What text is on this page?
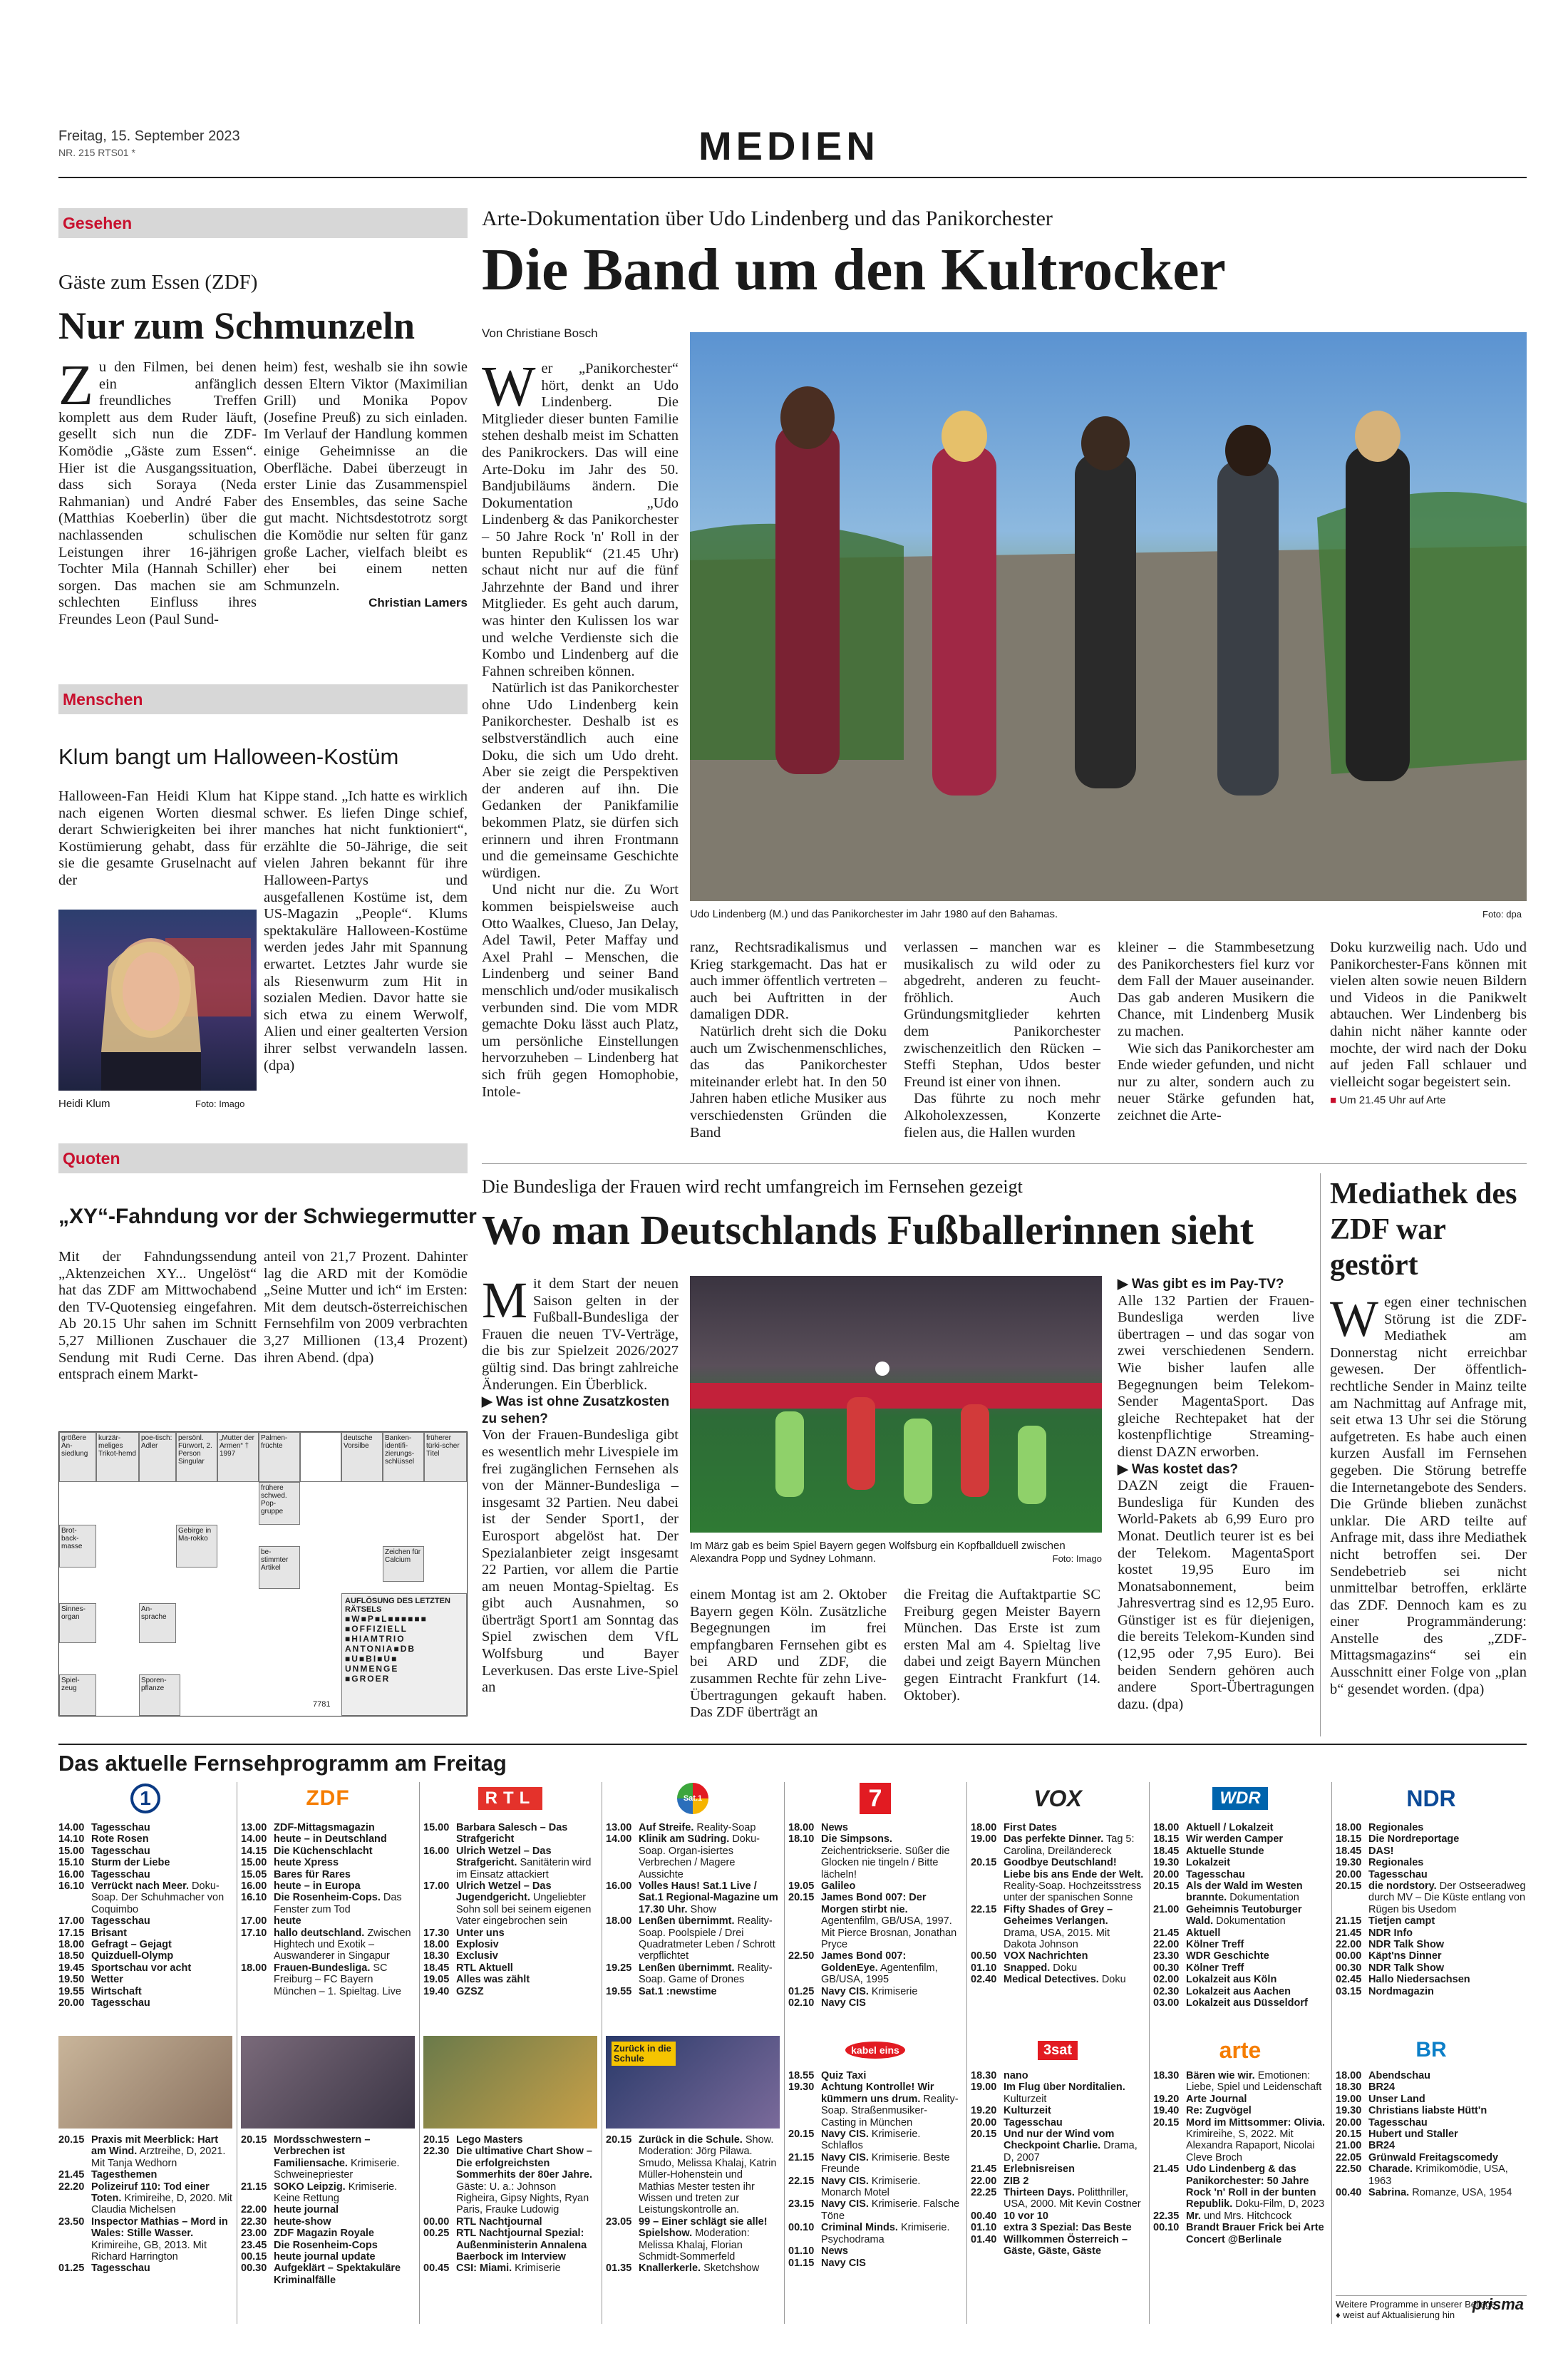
Freitag, 15. September 2023
NR. 215 RTS01 *	MEDIEN
Gesehen
Gäste zum Essen (ZDF)
Nur zum Schmunzeln
Zu den Filmen, bei denen ein anfänglich freundliches Treffen komplett aus dem Ruder läuft, gesellt sich nun die ZDF-Komödie „Gäste zum Essen“. Hier ist die Ausgangssituation, dass sich Soraya (Neda Rahmanian) und André Faber (Matthias Koeberlin) über die nachlassenden schulischen Leistungen ihrer 16-jährigen Tochter Mila (Hannah Schiller) sorgen. Das machen sie am schlechten Einfluss ihres Freundes Leon (Paul Sund-
heim) fest, weshalb sie ihn sowie dessen Eltern Viktor (Maximilian Grill) und Monika Popov (Josefine Preuß) zu sich einladen. Im Verlauf der Handlung kommen einige Geheimnisse an die Oberfläche. Dabei überzeugt in erster Linie das Zusammenspiel des Ensembles, das seine Sache gut macht. Nichtsdestotrotz sorgt die Komödie nur selten für ganz große Lacher, vielfach bleibt es eher bei einem netten Schmunzeln.
Christian Lamers
Menschen
Klum bangt um Halloween-Kostüm
Halloween-Fan Heidi Klum hat nach eigenen Worten diesmal derart Schwierigkeiten bei ihrer Kostümierung gehabt, dass für sie die gesamte Gruselnacht auf der
Heidi Klum	Foto: Imago
Kippe stand. „Ich hatte es wirklich schwer. Es liefen Dinge schief, manches hat nicht funktioniert“, erzählte die 50-Jährige, die seit vielen Jahren bekannt für ihre Halloween-Partys und ausgefallenen Kostüme ist, dem US-Magazin „People“. Klums spektakuläre Halloween-Kostüme werden jedes Jahr mit Spannung erwartet. Letztes Jahr wurde sie als Riesenwurm zum Hit in sozialen Medien. Davor hatte sie sich etwa zu einem Werwolf, Alien und einer gealterten Version ihrer selbst verwandeln lassen. (dpa)
Quoten
„XY“-Fahndung vor der Schwiegermutter
Mit der Fahndungssendung „Aktenzeichen XY... Ungelöst“ hat das ZDF am Mittwochabend den TV-Quotensieg eingefahren. Ab 20.15 Uhr sahen im Schnitt 5,27 Millionen Zuschauer die Sendung mit Rudi Cerne. Das entsprach einem Markt-
anteil von 21,7 Prozent. Dahinter lag die ARD mit der Komödie „Seine Mutter und ich“ im Ersten: Mit dem deutsch-österreichischen Fernsehfilm von 2009 verbrachten 3,27 Millionen (13,4 Prozent) ihren Abend. (dpa)
größere An-siedlung
kurzär-meliges Trikot-hemd
poe-tisch: Adler
persönl. Fürwort, 2. Person Singular
„Mutter der Armen“ † 1997
Palmen-früchte
deutsche Vorsilbe
Banken-identifi-zierungs-schlüssel
früherer türki-scher Titel
frühere schwed. Pop-gruppe
Brot-back-masse
Gebirge in Ma-rokko
be-stimmter Artikel
Zeichen für Calcium
Sinnes-organ
An-sprache
Spiel-zeug
Sporen-pflanze
AUFLÖSUNG DES LETZTEN RÄTSELS
■W■P■L■■■■■■
■OFFIZIELL
■HIAMTRIO
ANTONIA■DB
■U■BI■U■
UNMENGE
■GROER
7781
Arte-Dokumentation über Udo Lindenberg und das Panikorchester
Die Band um den Kultrocker
Von Christiane Bosch

Wer „Panikorchester“ hört, denkt an Udo Lindenberg. Die Mitglieder dieser bunten Familie stehen deshalb meist im Schatten des Panikrockers. Das will eine Arte-Doku im Jahr des 50. Bandjubiläums ändern. Die Dokumentation „Udo Lindenberg & das Panikorchester – 50 Jahre Rock 'n' Roll in der bunten Republik“ (21.45 Uhr) schaut nicht nur auf die fünf Jahrzehnte der Band und ihrer Mitglieder. Es geht auch darum, was hinter den Kulissen los war und welche Verdienste sich die Kombo und Lindenberg auf die Fahnen schreiben können.

Natürlich ist das Panikorchester ohne Udo Lindenberg kein Panikorchester. Deshalb ist es selbstverständlich auch eine Doku, die sich um Udo dreht. Aber sie zeigt die Perspektiven der anderen auf ihn. Die Gedanken der Panikfamilie bekommen Platz, sie dürfen sich erinnern und ihren Frontmann und die gemeinsame Geschichte würdigen.

Und nicht nur die. Zu Wort kommen beispielsweise auch Otto Waalkes, Clueso, Jan Delay, Adel Tawil, Peter Maffay und Axel Prahl – Menschen, die Lindenberg und seiner Band menschlich und/oder musikalisch verbunden sind. Die vom MDR gemachte Doku lässt auch Platz, um persönliche Einstellungen hervorzuheben – Lindenberg hat sich früh gegen Homophobie, Intole-

Udo Lindenberg (M.) und das Panikorchester im Jahr 1980 auf den Bahamas.	Foto: dpa

ranz, Rechtsradikalismus und Krieg starkgemacht. Das hat er auch immer öffentlich vertreten – auch bei Auftritten in der damaligen DDR.

Natürlich dreht sich die Doku auch um Zwischenmenschliches, das das Panikorchester miteinander erlebt hat. In den 50 Jahren haben etliche Musiker aus verschiedensten Gründen die Band

verlassen – manchen war es musikalisch zu wild oder zu abgedreht, anderen zu feucht-fröhlich. Auch Gründungsmitglieder kehrten dem Panikorchester zwischenzeitlich den Rücken – Steffi Stephan, Udos bester Freund ist einer von ihnen.

Das führte zu noch mehr Alkoholexzessen, Konzerte fielen aus, die Hallen wurden

kleiner – die Stammbesetzung des Panikorchesters fiel kurz vor dem Fall der Mauer auseinander. Das gab anderen Musikern die Chance, mit Lindenberg Musik zu machen.

Wie sich das Panikorchester am Ende wieder gefunden, und nicht nur zu alter, sondern auch zu neuer Stärke gefunden hat, zeichnet die Arte-

Doku kurzweilig nach. Udo und Panikorchester-Fans können mit vielen alten sowie neuen Bildern und Videos in die Panikwelt abtauchen. Wer Lindenberg bis dahin nicht näher kannte oder mochte, der wird nach der Doku auf jeden Fall schlauer und vielleicht sogar begeistert sein.
■ Um 21.45 Uhr auf Arte
Die Bundesliga der Frauen wird recht umfangreich im Fernsehen gezeigt
Wo man Deutschlands Fußballerinnen sieht
Mit dem Start der neuen Saison gelten in der Fußball-Bundesliga der Frauen die neuen TV-Verträge, die bis zur Spielzeit 2026/2027 gültig sind. Das bringt zahlreiche Änderungen. Ein Überblick.
▶ Was ist ohne Zusatzkosten zu sehen?
Von der Frauen-Bundesliga gibt es wesentlich mehr Livespiele im frei zugänglichen Fernsehen als von der Männer-Bundesliga – insgesamt 32 Partien. Neu dabei ist der Sender Sport1, der Eurosport abgelöst hat. Der Spezialanbieter zeigt insgesamt 22 Partien, vor allem die Partie am neuen Montag-Spieltag. Es gibt auch Ausnahmen, so überträgt Sport1 am Sonntag das Spiel zwischen dem VfL Wolfsburg und Bayer Leverkusen. Das erste Live-Spiel an
Im März gab es beim Spiel Bayern gegen Wolfsburg ein Kopfballduell zwischen Alexandra Popp und Sydney Lohmann.	Foto: Imago
einem Montag ist am 2. Oktober Bayern gegen Köln. Zusätzliche Begegnungen im frei empfangbaren Fernsehen gibt es bei ARD und ZDF, die zusammen Rechte für zehn Live-Übertragungen gekauft haben. Das ZDF überträgt an
die Freitag die Auftaktpartie SC Freiburg gegen Meister Bayern München. Das Erste ist zum ersten Mal am 4. Spieltag live dabei und zeigt Bayern München gegen Eintracht Frankfurt (14. Oktober).
▶ Was gibt es im Pay-TV?
Alle 132 Partien der Frauen-Bundesliga werden live übertragen – und das sogar von zwei verschiedenen Sendern. Wie bisher laufen alle Begegnungen beim Telekom-Sender MagentaSport. Das gleiche Rechtepaket hat der kostenpflichtige Streaming-dienst DAZN erworben.
▶ Was kostet das?
DAZN zeigt die Frauen-Bundesliga für Kunden des World-Pakets ab 6,99 Euro pro Monat. Deutlich teurer ist es bei der Telekom. MagentaSport kostet 19,95 Euro im Monatsabonnement, beim Jahresvertrag sind es 12,95 Euro. Günstiger ist es für diejenigen, die bereits Telekom-Kunden sind (12,95 oder 7,95 Euro). Bei beiden Sendern gehören auch andere Sport-Übertragungen dazu. (dpa)
Mediathek des ZDF war gestört
Wegen einer technischen Störung ist die ZDF-Mediathek am Donnerstag nicht erreichbar gewesen. Der öffentlich-rechtliche Sender in Mainz teilte am Nachmittag auf Anfrage mit, seit etwa 13 Uhr sei die Störung aufgetreten. Es habe auch einen kurzen Ausfall im Fernsehen gegeben. Die Störung betreffe die Internetangebote des Senders. Die Gründe blieben zunächst unklar. Die ARD teilte auf Anfrage mit, dass ihre Mediathek nicht betroffen sei. Der Sendebetrieb sei nicht unmittelbar betroffen, erklärte das ZDF. Dennoch kam es zu einer Programmänderung: Anstelle des „ZDF-Mittagsmagazins“ sei ein Ausschnitt einer Folge von „plan b“ gesendet worden. (dpa)
Das aktuelle Fernsehprogramm am Freitag
1	ZDF	RTL	Sat.1	7	VOX	WDR	NDR
14.00 Tagesschau
14.10 Rote Rosen
15.00 Tagesschau
15.10 Sturm der Liebe
16.00 Tagesschau
16.10 Verrückt nach Meer. Doku-Soap. Der Schuhmacher von Coquimbo
17.00 Tagesschau
17.15 Brisant
18.00 Gefragt – Gejagt
18.50 Quizduell-Olymp
19.45 Sportschau vor acht
19.50 Wetter
19.55 Wirtschaft
20.00 Tagesschau
13.00 ZDF-Mittagsmagazin
14.00 heute – in Deutschland
14.15 Die Küchenschlacht
15.00 heute Xpress
15.05 Bares für Rares
16.00 heute – in Europa
16.10 Die Rosenheim-Cops. Das Fenster zum Tod
17.00 heute
17.10 hallo deutschland. Zwischen Hightech und Exotik – Auswanderer in Singapur
18.00 Frauen-Bundesliga. SC Freiburg – FC Bayern München – 1. Spieltag. Live
15.00 Barbara Salesch – Das Strafgericht
16.00 Ulrich Wetzel – Das Strafgericht. Sanitäterin wird im Einsatz attackiert
17.00 Ulrich Wetzel – Das Jugendgericht. Ungeliebter Sohn soll bei seinem eigenen Vater eingebrochen sein
17.30 Unter uns
18.00 Explosiv
18.30 Exclusiv
18.45 RTL Aktuell
19.05 Alles was zählt
19.40 GZSZ
13.00 Auf Streife. Reality-Soap
14.00 Klinik am Südring. Doku-Soap. Organ-isiertes Verbrechen / Magere Aussichte
16.00 Volles Haus! Sat.1 Live / Sat.1 Regional-Magazine um 17.30 Uhr. Show
18.00 Lenßen übernimmt. Reality-Soap. Poolspiele / Drei Quadratmeter Leben / Schrott verpflichtet
19.25 Lenßen übernimmt. Reality-Soap. Game of Drones
19.55 Sat.1 :newstime
18.00 News
18.10 Die Simpsons. Zeichentrickserie. Süßer die Glocken nie tingeln / Bitte lächeln!
19.05 Galileo
20.15 James Bond 007: Der Morgen stirbt nie. Agentenfilm, GB/USA, 1997. Mit Pierce Brosnan, Jonathan Pryce
22.50 James Bond 007: GoldenEye. Agentenfilm, GB/USA, 1995
01.25 Navy CIS. Krimiserie
02.10 Navy CIS
18.00 First Dates
19.00 Das perfekte Dinner. Tag 5: Carolina, Dreiländereck
20.15 Goodbye Deutschland! Liebe bis ans Ende der Welt. Reality-Soap. Hochzeitsstress unter der spanischen Sonne
22.15 Fifty Shades of Grey – Geheimes Verlangen. Drama, USA, 2015. Mit Dakota Johnson
00.50 VOX Nachrichten
01.10 Snapped. Doku
02.40 Medical Detectives. Doku
18.00 Aktuell / Lokalzeit
18.15 Wir werden Camper
18.45 Aktuelle Stunde
19.30 Lokalzeit
20.00 Tagesschau
20.15 Als der Wald im Westen brannte. Dokumentation
21.00 Geheimnis Teutoburger Wald. Dokumentation
21.45 Aktuell
22.00 Kölner Treff
23.30 WDR Geschichte
00.30 Kölner Treff
02.00 Lokalzeit aus Köln
02.30 Lokalzeit aus Aachen
03.00 Lokalzeit aus Düsseldorf
18.00 Regionales
18.15 Die Nordreportage
18.45 DAS!
19.30 Regionales
20.00 Tagesschau
20.15 die nordstory. Der Ostseeradweg durch MV – Die Küste entlang von Rügen bis Usedom
21.15 Tietjen campt
21.45 NDR Info
22.00 NDR Talk Show
00.00 Käpt'ns Dinner
00.30 NDR Talk Show
02.45 Hallo Niedersachsen
03.15 Nordmagazin
Zurück in die Schule
kabel eins	3sat	arte	BR
20.15 Praxis mit Meerblick: Hart am Wind. Arztreihe, D, 2021. Mit Tanja Wedhorn
21.45 Tagesthemen
22.20 Polizeiruf 110: Tod einer Toten. Krimireihe, D, 2020. Mit Claudia Michelsen
23.50 Inspector Mathias – Mord in Wales: Stille Wasser. Krimireihe, GB, 2013. Mit Richard Harrington
01.25 Tagesschau
20.15 Mordsschwestern – Verbrechen ist Familiensache. Krimiserie. Schweinepriester
21.15 SOKO Leipzig. Krimiserie. Keine Rettung
22.00 heute journal
22.30 heute-show
23.00 ZDF Magazin Royale
23.45 Die Rosenheim-Cops
00.15 heute journal update
00.30 Aufgeklärt – Spektakuläre Kriminalfälle
20.15 Lego Masters
22.30 Die ultimative Chart Show – Die erfolgreichsten Sommerhits der 80er Jahre. Gäste: U. a.: Johnson Righeira, Gipsy Nights, Ryan Paris, Frauke Ludowig
00.00 RTL Nachtjournal
00.25 RTL Nachtjournal Spezial: Außenministerin Annalena Baerbock im Interview
00.45 CSI: Miami. Krimiserie
20.15 Zurück in die Schule. Show. Moderation: Jörg Pilawa. Smudo, Melissa Khalaj, Katrin Müller-Hohenstein und Mathias Mester testen ihr Wissen und treten zur Leistungskontrolle an.
23.05 99 – Einer schlägt sie alle! Spielshow. Moderation: Melissa Khalaj, Florian Schmidt-Sommerfeld
01.35 Knallerkerle. Sketchshow
18.55 Quiz Taxi
19.30 Achtung Kontrolle! Wir kümmern uns drum. Reality-Soap. Straßenmusiker-Casting in München
20.15 Navy CIS. Krimiserie. Schlaflos
21.15 Navy CIS. Krimiserie. Beste Freunde
22.15 Navy CIS. Krimiserie. Monarch Motel
23.15 Navy CIS. Krimiserie. Falsche Töne
00.10 Criminal Minds. Krimiserie. Psychodrama
01.10 News
01.15 Navy CIS
18.30 nano
19.00 Im Flug über Norditalien. Kulturzeit
19.20 Kulturzeit
20.00 Tagesschau
20.15 Und nur der Wind vom Checkpoint Charlie. Drama, D, 2007
21.45 Erlebnisreisen
22.00 ZIB 2
22.25 Thirteen Days. Politthriller, USA, 2000. Mit Kevin Costner
00.40 10 vor 10
01.10 extra 3 Spezial: Das Beste
01.40 Willkommen Österreich – Gäste, Gäste, Gäste
18.30 Bären wie wir. Emotionen: Liebe, Spiel und Leidenschaft
19.20 Arte Journal
19.40 Re: Zugvögel
20.15 Mord im Mittsommer: Olivia. Krimireihe, S, 2022. Mit Alexandra Rapaport, Nicolai Cleve Broch
21.45 Udo Lindenberg & das Panikorchester: 50 Jahre Rock 'n' Roll in der bunten Republik. Doku-Film, D, 2023
22.35 Mr. und Mrs. Hitchcock
00.10 Brandt Brauer Frick bei Arte Concert @Berlinale
18.00 Abendschau
18.30 BR24
19.00 Unser Land
19.30 Christians liabste Hütt'n
20.00 Tagesschau
20.15 Hubert und Staller
21.00 BR24
22.05 Grünwald Freitagscomedy
22.50 Charade. Krimikomödie, USA, 1963
00.40 Sabrina. Romanze, USA, 1954
Weitere Programme in unserer Beilage
♦ weist auf Aktualisierung hin
prisma
